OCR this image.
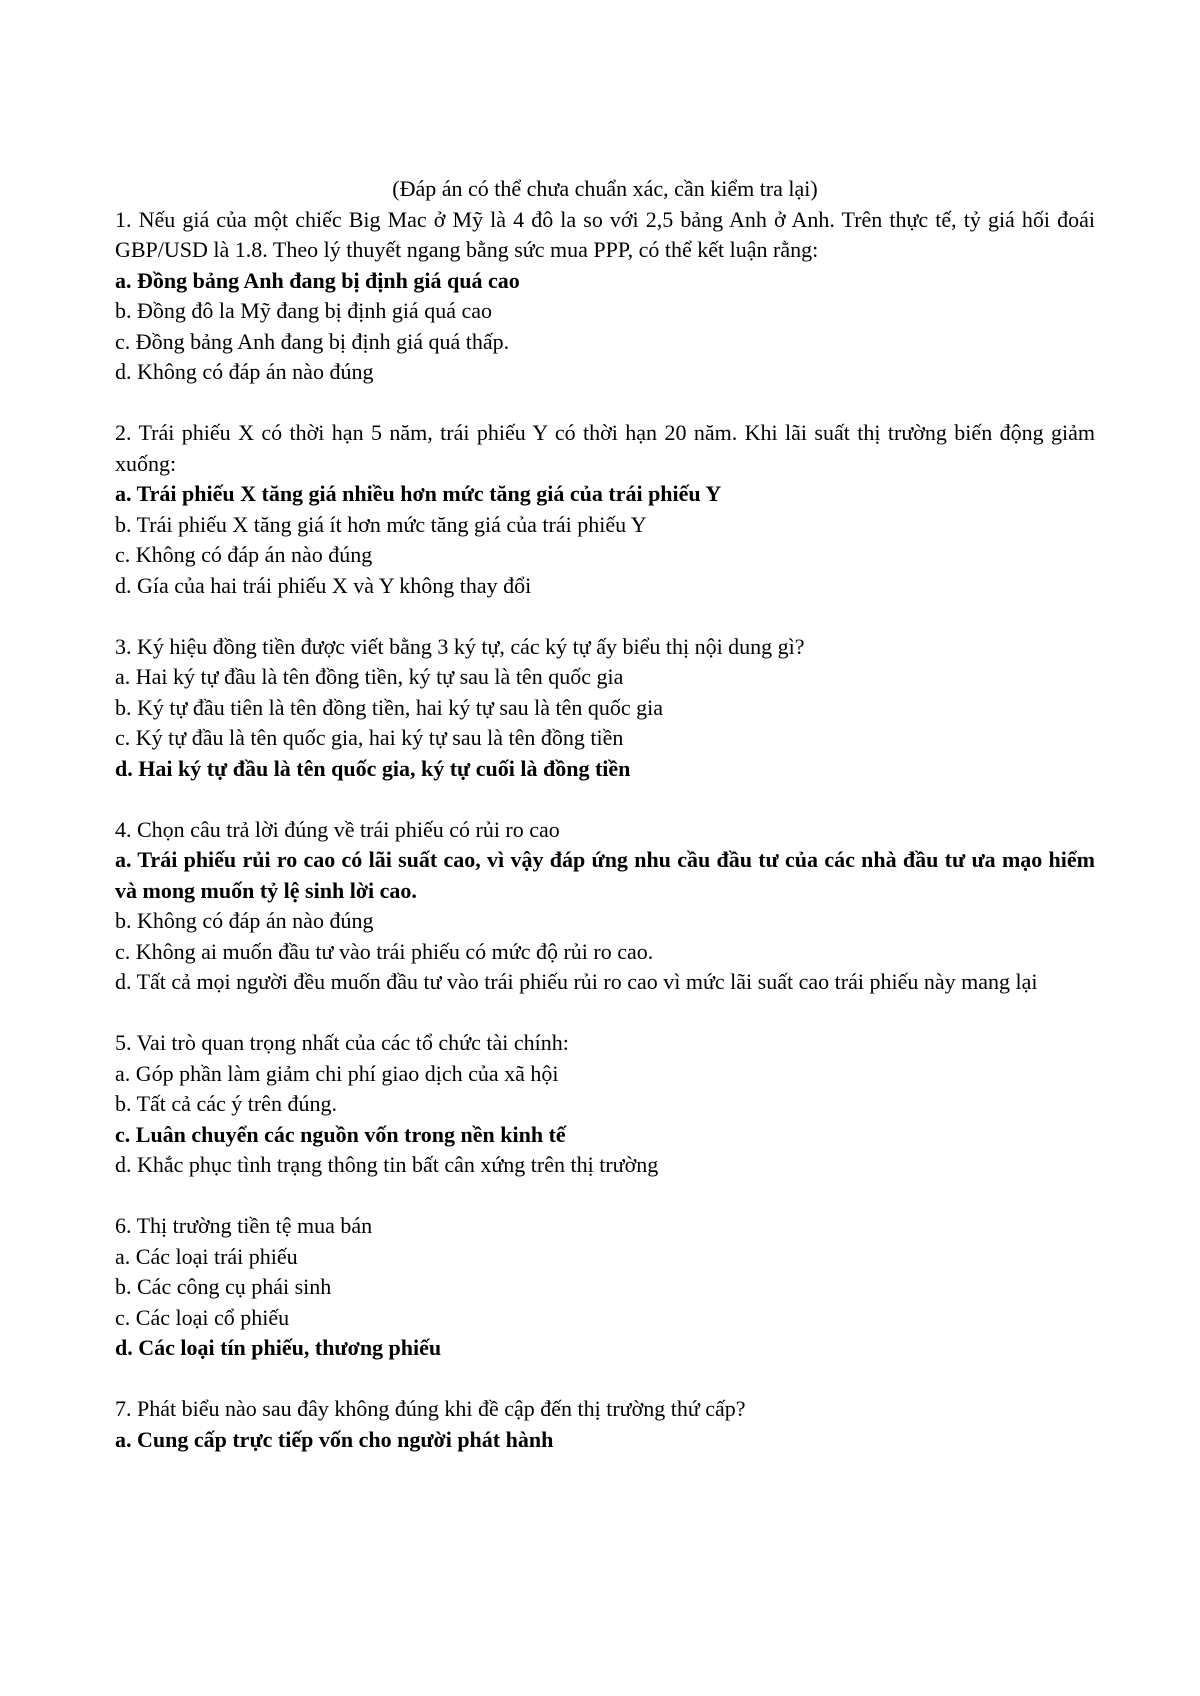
(Đáp án có thể chưa chuẩn xác, cần kiểm tra lại)

1. Nếu giá của một chiếc Big Mac ở Mỹ là 4 đô la so với 2,5 bảng Anh ở Anh. Trên thực tế, tỷ giá hối đoái GBP/USD là 1.8. Theo lý thuyết ngang bằng sức mua PPP, có thể kết luận rằng:

a. Đồng bảng Anh đang bị định giá quá cao

b. Đồng đô la Mỹ đang bị định giá quá cao

c. Đồng bảng Anh đang bị định giá quá thấp.

d. Không có đáp án nào đúng

2. Trái phiếu X có thời hạn 5 năm, trái phiếu Y có thời hạn 20 năm. Khi lãi suất thị trường biến động giảm xuống:

a. Trái phiếu X tăng giá nhiều hơn mức tăng giá của trái phiếu Y

b. Trái phiếu X tăng giá ít hơn mức tăng giá của trái phiếu Y

c. Không có đáp án nào đúng

d. Gía của hai trái phiếu X và Y không thay đổi

3. Ký hiệu đồng tiền được viết bằng 3 ký tự, các ký tự ấy biểu thị nội dung gì?

a. Hai ký tự đầu là tên đồng tiền, ký tự sau là tên quốc gia

b. Ký tự đầu tiên là tên đồng tiền, hai ký tự sau là tên quốc gia

c. Ký tự đầu là tên quốc gia, hai ký tự sau là tên đồng tiền

d. Hai ký tự đầu là tên quốc gia, ký tự cuối là đồng tiền

4. Chọn câu trả lời đúng về trái phiếu có rủi ro cao

a. Trái phiếu rủi ro cao có lãi suất cao, vì vậy đáp ứng nhu cầu đầu tư của các nhà đầu tư ưa mạo hiểm và mong muốn tỷ lệ sinh lời cao.

b. Không có đáp án nào đúng

c. Không ai muốn đầu tư vào trái phiếu có mức độ rủi ro cao.

d. Tất cả mọi người đều muốn đầu tư vào trái phiếu rủi ro cao vì mức lãi suất cao trái phiếu này mang lại

5. Vai trò quan trọng nhất của các tổ chức tài chính:

a. Góp phần làm giảm chi phí giao dịch của xã hội

b. Tất cả các ý trên đúng.

c. Luân chuyển các nguồn vốn trong nền kinh tế

d. Khắc phục tình trạng thông tin bất cân xứng trên thị trường

6. Thị trường tiền tệ mua bán

a. Các loại trái phiếu

b. Các công cụ phái sinh

c. Các loại cổ phiếu

d. Các loại tín phiếu, thương phiếu

7. Phát biểu nào sau đây không đúng khi đề cập đến thị trường thứ cấp?

a. Cung cấp trực tiếp vốn cho người phát hành
